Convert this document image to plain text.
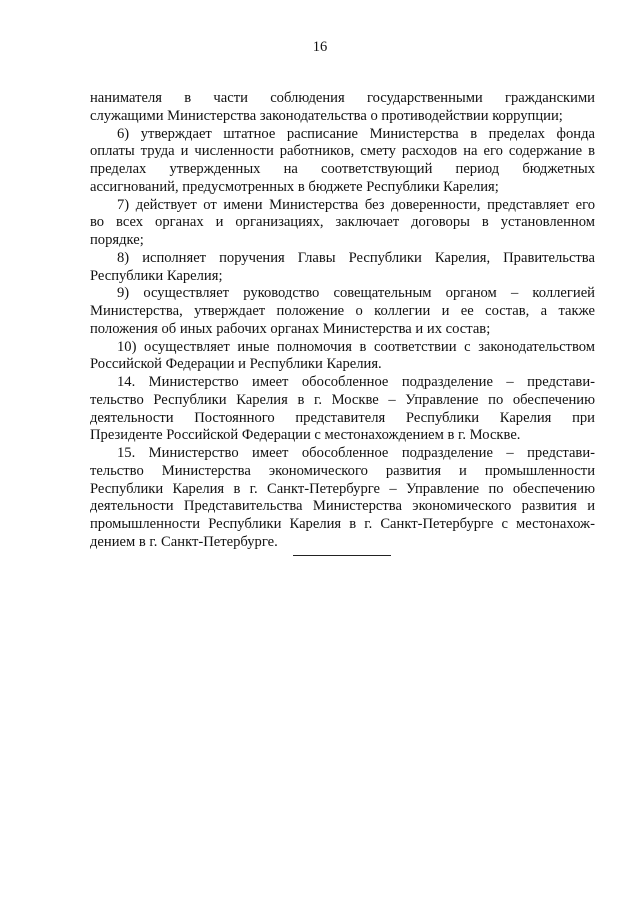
16
нанимателя в части соблюдения государственными гражданскими
служащими Министерства законодательства о противодействии коррупции;
6) утверждает штатное расписание Министерства в пределах фонда
оплаты труда и численности работников, смету расходов на его содержание в
пределах утвержденных на соответствующий период бюджетных
ассигнований, предусмотренных в бюджете Республики Карелия;
7) действует от имени Министерства без доверенности, представляет его
во всех органах и организациях, заключает договоры в установленном
порядке;
8) исполняет поручения Главы Республики Карелия, Правительства
Республики Карелия;
9) осуществляет руководство совещательным органом – коллегией
Министерства, утверждает положение о коллегии и ее состав, а также
положения об иных рабочих органах Министерства и их состав;
10) осуществляет иные полномочия в соответствии с законодательством
Российской Федерации и Республики Карелия.
14. Министерство имеет обособленное подразделение – представи-
тельство Республики Карелия в г. Москве – Управление по обеспечению
деятельности Постоянного представителя Республики Карелия при
Президенте Российской Федерации с местонахождением в г. Москве.
15. Министерство имеет обособленное подразделение – представи-
тельство Министерства экономического развития и промышленности
Республики Карелия в г. Санкт-Петербурге – Управление по обеспечению
деятельности Представительства Министерства экономического развития и
промышленности Республики Карелия в г. Санкт-Петербурге с местонахож-
дением в г. Санкт-Петербурге.
